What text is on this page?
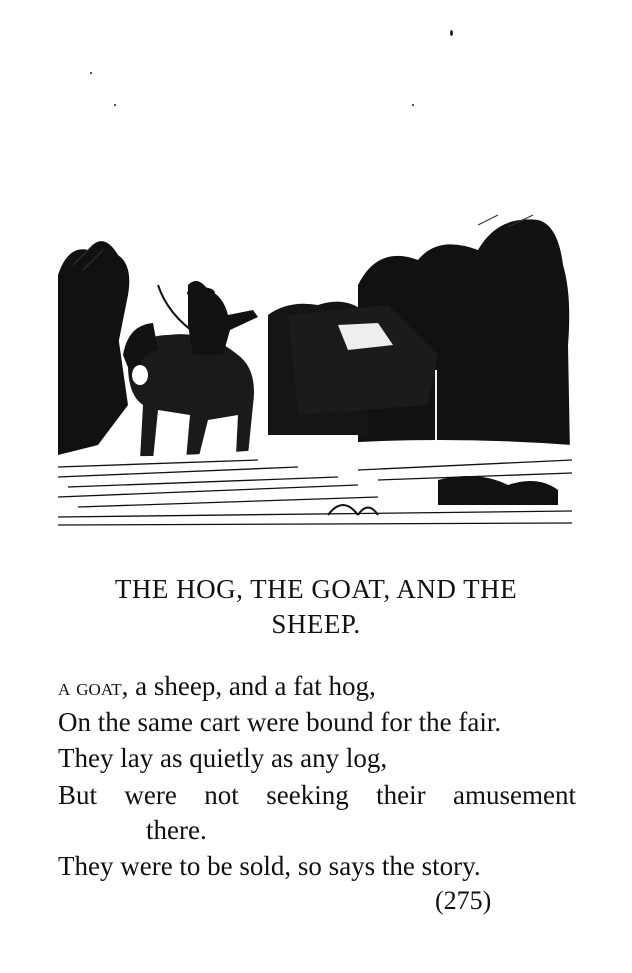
THE HOG, THE GOAT, AND THE
SHEEP.
a goat, a sheep, and a fat hog,
On the same cart were bound for the fair.
They lay as quietly as any log,
But were not seeking their amusement
there.
They were to be sold, so says the story.
(275)
